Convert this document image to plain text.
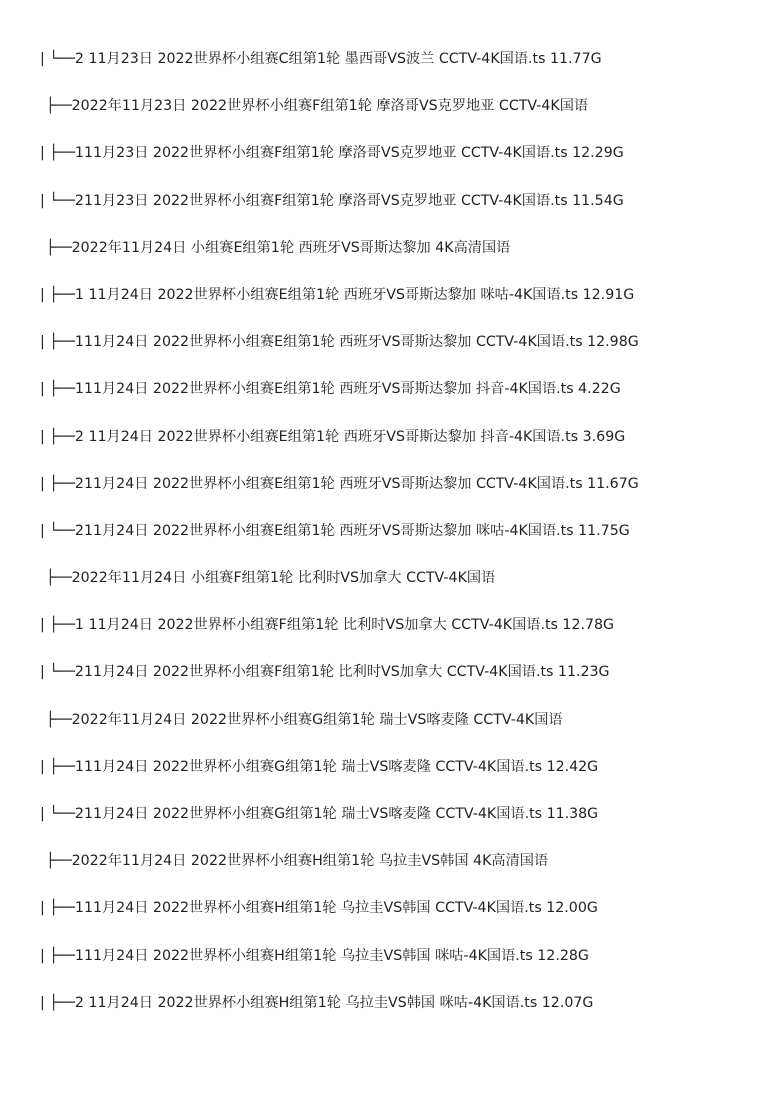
| └──2 11月23日 2022世界杯小组赛C组第1轮 墨西哥VS波兰 CCTV-4K国语.ts 11.77G
├──2022年11月23日 2022世界杯小组赛F组第1轮 摩洛哥VS克罗地亚 CCTV-4K国语
| ├──111月23日 2022世界杯小组赛F组第1轮 摩洛哥VS克罗地亚 CCTV-4K国语.ts 12.29G
| └──211月23日 2022世界杯小组赛F组第1轮 摩洛哥VS克罗地亚 CCTV-4K国语.ts 11.54G
├──2022年11月24日 小组赛E组第1轮 西班牙VS哥斯达黎加 4K高清国语
| ├──1 11月24日 2022世界杯小组赛E组第1轮 西班牙VS哥斯达黎加 咪咕-4K国语.ts 12.91G
| ├──111月24日 2022世界杯小组赛E组第1轮 西班牙VS哥斯达黎加 CCTV-4K国语.ts 12.98G
| ├──111月24日 2022世界杯小组赛E组第1轮 西班牙VS哥斯达黎加 抖音-4K国语.ts 4.22G
| ├──2 11月24日 2022世界杯小组赛E组第1轮 西班牙VS哥斯达黎加 抖音-4K国语.ts 3.69G
| ├──211月24日 2022世界杯小组赛E组第1轮 西班牙VS哥斯达黎加 CCTV-4K国语.ts 11.67G
| └──211月24日 2022世界杯小组赛E组第1轮 西班牙VS哥斯达黎加 咪咕-4K国语.ts 11.75G
├──2022年11月24日 小组赛F组第1轮 比利时VS加拿大 CCTV-4K国语
| ├──1 11月24日 2022世界杯小组赛F组第1轮 比利时VS加拿大 CCTV-4K国语.ts 12.78G
| └──211月24日 2022世界杯小组赛F组第1轮 比利时VS加拿大 CCTV-4K国语.ts 11.23G
├──2022年11月24日 2022世界杯小组赛G组第1轮 瑞士VS喀麦隆 CCTV-4K国语
| ├──111月24日 2022世界杯小组赛G组第1轮 瑞士VS喀麦隆 CCTV-4K国语.ts 12.42G
| └──211月24日 2022世界杯小组赛G组第1轮 瑞士VS喀麦隆 CCTV-4K国语.ts 11.38G
├──2022年11月24日 2022世界杯小组赛H组第1轮 乌拉圭VS韩国 4K高清国语
| ├──111月24日 2022世界杯小组赛H组第1轮 乌拉圭VS韩国 CCTV-4K国语.ts 12.00G
| ├──111月24日 2022世界杯小组赛H组第1轮 乌拉圭VS韩国 咪咕-4K国语.ts 12.28G
| ├──2 11月24日 2022世界杯小组赛H组第1轮 乌拉圭VS韩国 咪咕-4K国语.ts 12.07G
